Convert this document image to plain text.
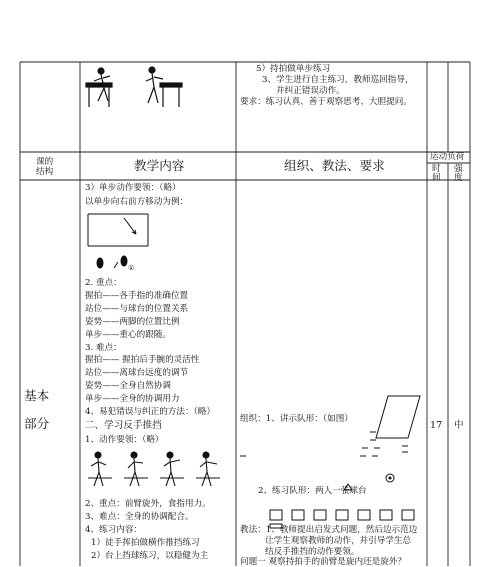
5）持拍做单步练习
3、学生进行自主练习，教师巡回指导，
并纠正错误动作。
要求：练习认真、善于观察思考、大胆提问。
课的
结构	教学内容	组织、教法、要求
运动负荷
时
间
强
度
基本
部分
3）单步动作要领：（略）
以单步向右前方移动为例：
①
2. 重点：
握拍——各手指的准确位置
站位——与球台的位置关系
姿势——两脚的位置比例
单步——重心的跟随。
3. 难点：
握拍—— 握拍后手腕的灵活性
站位——离球台远度的调节
姿势——全身自然协调
单步——全身的协调用力
4、易犯错误与纠正的方法：（略）
二、学习反手推挡
1、动作要领：（略）
2、重点：前臂旋外，食指用力。
3、难点：全身的协调配合。
4、练习内容：
1）徒手挥拍做横作推挡练习
2）台上挡球练习，以稳健为主
组织：1、讲示队形：（如图）
2、练习队形：两人一张球台
教法：1、教师提出启发式问题，然后边示范边
让学生观察教师的动作，并引导学生总
结反手推挡的动作要领。
问题一 观察持拍手的前臂是旋内还是旋外？
17 中
